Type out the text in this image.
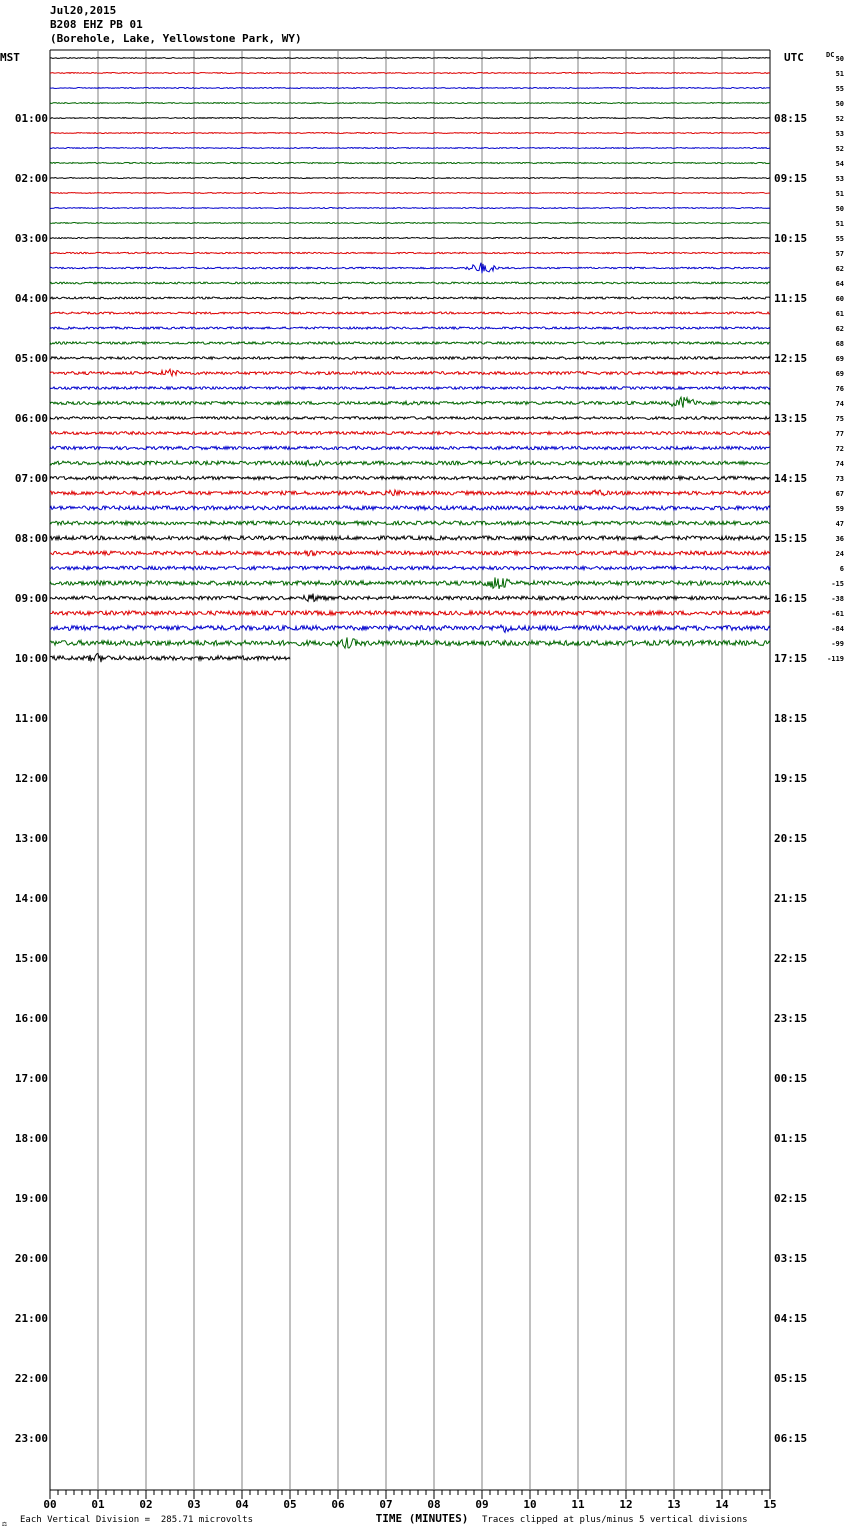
Jul20,2015
B208 EHZ PB 01
(Borehole, Lake, Yellowstone Park, WY)
00	01	02	03	04	05	06	07	08	09	10	11	12	13	14	15
01:00
02:00
03:00
04:00
05:00
06:00
07:00
08:00
09:00
10:00
11:00
12:00
13:00
14:00
15:00
16:00
17:00
18:00
19:00
20:00
21:00
22:00
23:00
08:15
09:15
10:15
11:15
12:15
13:15
14:15
15:15
16:15
17:15
18:15
19:15
20:15
21:15
22:15
23:15
00:15
01:15
02:15
03:15
04:15
05:15
06:15
50
51
55
50
52
53
52
54
53
51
50
51
55
57
62
64
60
61
62
68
69
69
76
74
75
77
72
74
73
67
59
47
36
24
6
-15
-38
-61
-84
-99
-119
MST	UTC	DC
TIME (MINUTES)
⚖ Each Vertical Division =  285.71 microvolts	Traces clipped at plus/minus 5 vertical divisions
